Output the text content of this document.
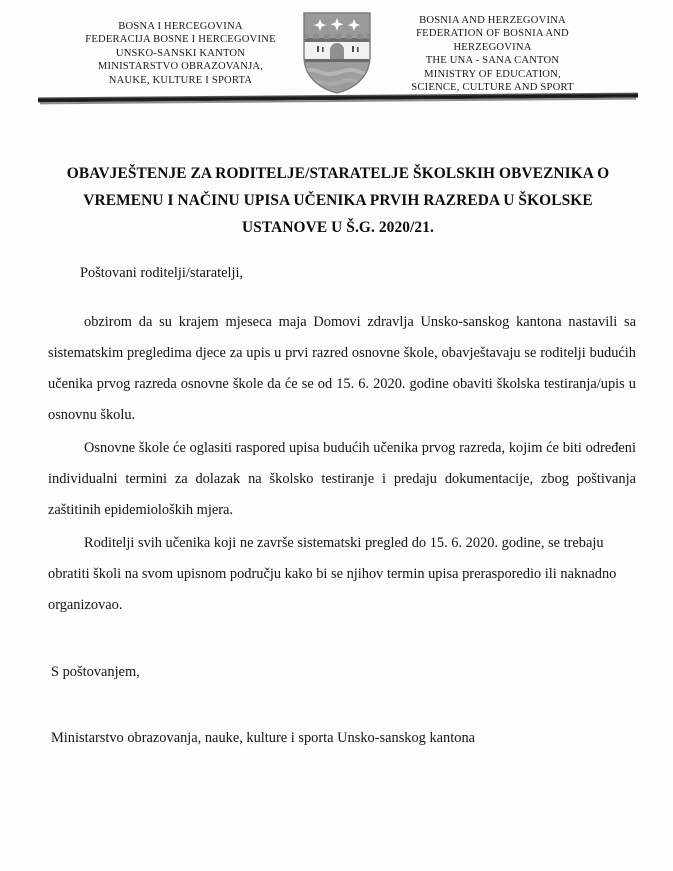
BOSNA I HERCEGOVINA
FEDERACIJA BOSNE I HERCEGOVINE
UNSKO-SANSKI KANTON
MINISTARSTVO OBRAZOVANJA,
NAUKE, KULTURE I SPORTA
BOSNIA AND HERZEGOVINA
FEDERATION OF BOSNIA AND
HERZEGOVINA
THE UNA - SANA CANTON
MINISTRY OF EDUCATION,
SCIENCE, CULTURE AND SPORT
OBAVJEŠTENJE ZA RODITELJE/STARATELJE ŠKOLSKIH OBVEZNIKA O
VREMENU I NAČINU UPISA UČENIKA PRVIH RAZREDA U ŠKOLSKE
USTANOVE U Š.G. 2020/21.

Poštovani roditelji/staratelji,

obzirom da su krajem mjeseca maja Domovi zdravlja Unsko-sanskog kantona nastavili sa sistematskim pregledima djece za upis u prvi razred osnovne škole, obavještavaju se roditelji budućih učenika prvog razreda osnovne škole da će se od 15. 6. 2020. godine obaviti školska testiranja/upis u osnovnu školu.

Osnovne škole će oglasiti raspored upisa budućih učenika prvog razreda, kojim će biti određeni individualni termini za dolazak na školsko testiranje i predaju dokumentacije, zbog poštivanja zaštitinih epidemioloških mjera.

Roditelji svih učenika koji ne završe sistematski pregled do 15. 6. 2020. godine, se trebaju obratiti školi na svom upisnom području kako bi se njihov termin upisa prerasporedio ili naknadno organizovao.

S poštovanjem,

Ministarstvo obrazovanja, nauke, kulture i sporta Unsko-sanskog kantona
